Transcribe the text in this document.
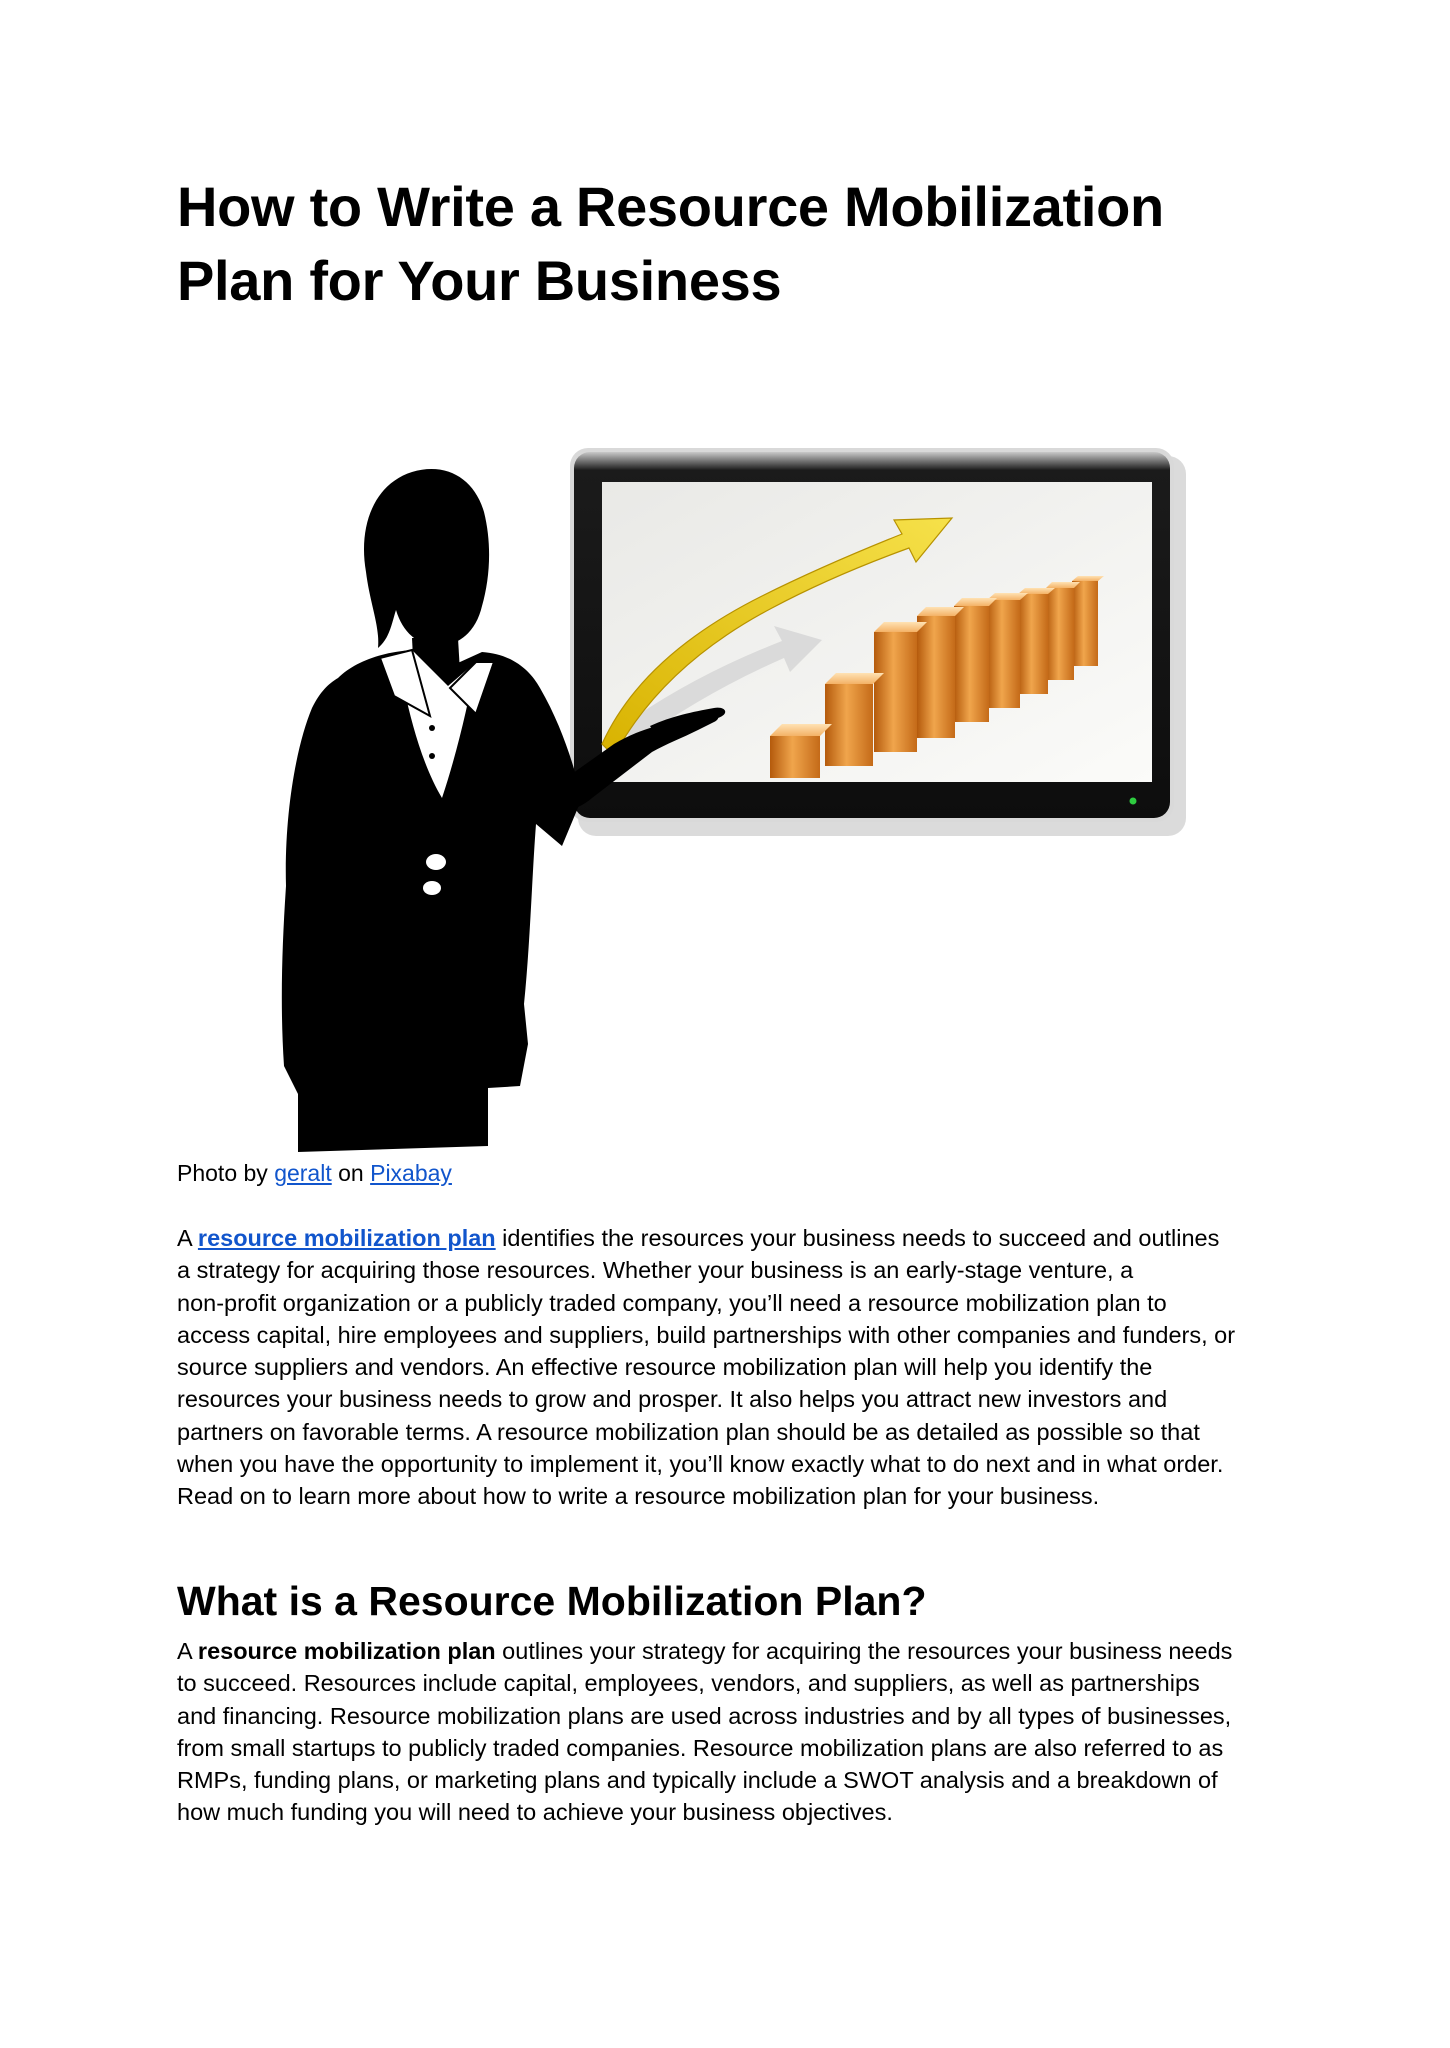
How to Write a Resource Mobilization
Plan for Your Business

Photo by geralt on Pixabay

A resource mobilization plan identifies the resources your business needs to succeed and outlines
a strategy for acquiring those resources. Whether your business is an early-stage venture, a
non-profit organization or a publicly traded company, you’ll need a resource mobilization plan to
access capital, hire employees and suppliers, build partnerships with other companies and funders, or
source suppliers and vendors. An effective resource mobilization plan will help you identify the
resources your business needs to grow and prosper. It also helps you attract new investors and
partners on favorable terms. A resource mobilization plan should be as detailed as possible so that
when you have the opportunity to implement it, you’ll know exactly what to do next and in what order.
Read on to learn more about how to write a resource mobilization plan for your business.

What is a Resource Mobilization Plan?

A resource mobilization plan outlines your strategy for acquiring the resources your business needs
to succeed. Resources include capital, employees, vendors, and suppliers, as well as partnerships
and financing. Resource mobilization plans are used across industries and by all types of businesses,
from small startups to publicly traded companies. Resource mobilization plans are also referred to as
RMPs, funding plans, or marketing plans and typically include a SWOT analysis and a breakdown of
how much funding you will need to achieve your business objectives.
